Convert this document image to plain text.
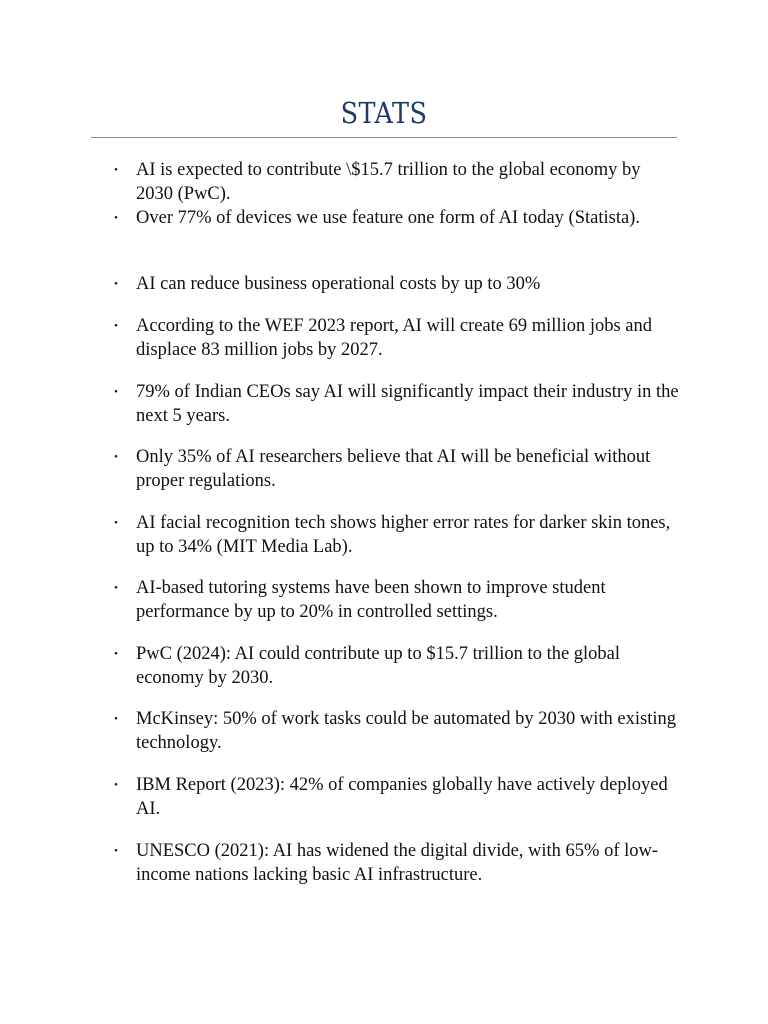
STATS
• AI is expected to contribute \$15.7 trillion to the global economy by 2030 (PwC).
• Over 77% of devices we use feature one form of AI today (Statista).
• AI can reduce business operational costs by up to 30%
• According to the WEF 2023 report, AI will create 69 million jobs and displace 83 million jobs by 2027.
• 79% of Indian CEOs say AI will significantly impact their industry in the next 5 years.
• Only 35% of AI researchers believe that AI will be beneficial without proper regulations.
• AI facial recognition tech shows higher error rates for darker skin tones, up to 34% (MIT Media Lab).
• AI-based tutoring systems have been shown to improve student performance by up to 20% in controlled settings.
• PwC (2024): AI could contribute up to $15.7 trillion to the global economy by 2030.
• McKinsey: 50% of work tasks could be automated by 2030 with existing technology.
• IBM Report (2023): 42% of companies globally have actively deployed AI.
• UNESCO (2021): AI has widened the digital divide, with 65% of low-income nations lacking basic AI infrastructure.
